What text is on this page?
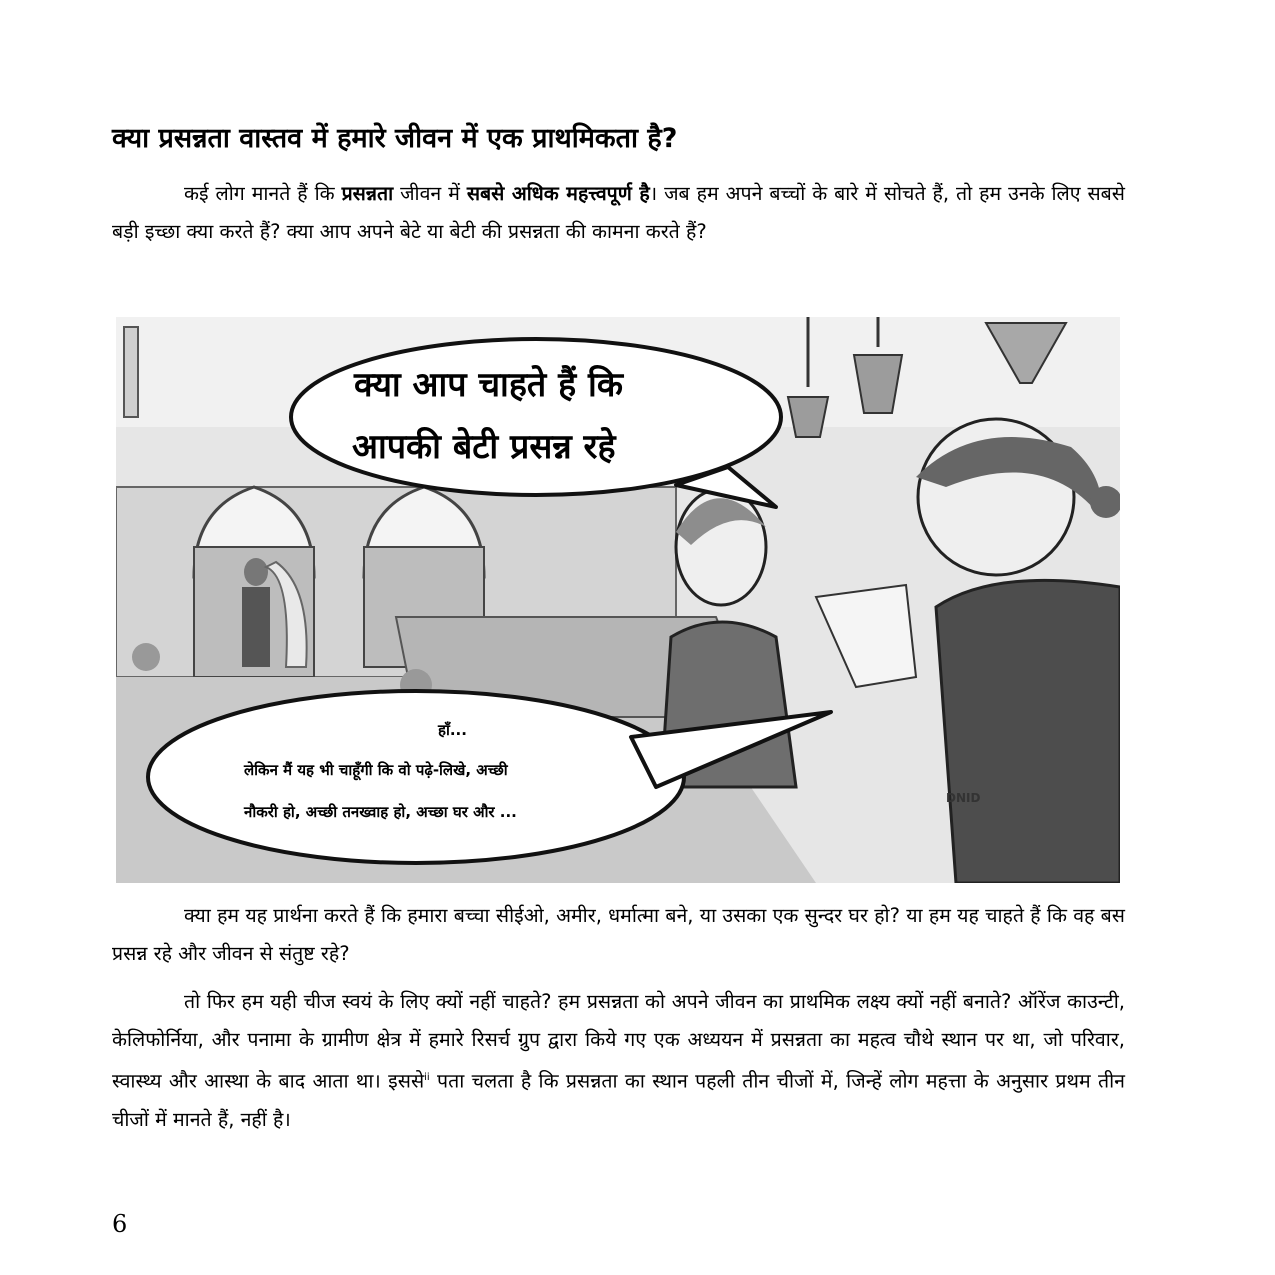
क्या प्रसन्नता वास्तव में हमारे जीवन में एक प्राथमिकता है?

कई लोग मानते हैं कि प्रसन्नता जीवन में सबसे अधिक महत्त्वपूर्ण है। जब हम अपने बच्चों के बारे में सोचते हैं, तो हम उनके लिए सबसे बड़ी इच्छा क्या करते हैं? क्या आप अपने बेटे या बेटी की प्रसन्नता की कामना करते हैं?

DNID

क्या आप चाहते हैं कि

आपकी बेटी प्रसन्न रहे

हाँ...

लेकिन मैं यह भी चाहूँगी कि वो पढ़े-लिखे, अच्छी

नौकरी हो, अच्छी तनख्वाह हो, अच्छा घर और ...

क्या हम यह प्रार्थना करते हैं कि हमारा बच्चा सीईओ, अमीर, धर्मात्मा बने, या उसका एक सुन्दर घर हो? या हम यह चाहते हैं कि वह बस प्रसन्न रहे और जीवन से संतुष्ट रहे?

तो फिर हम यही चीज स्वयं के लिए क्यों नहीं चाहते? हम प्रसन्नता को अपने जीवन का प्राथमिक लक्ष्य क्यों नहीं बनाते? ऑरेंज काउन्टी, केलिफोर्निया, और पनामा के ग्रामीण क्षेत्र में हमारे रिसर्च ग्रुप द्वारा किये गए एक अध्ययन में प्रसन्नता का महत्व चौथे स्थान पर था, जो परिवार, स्वास्थ्य और आस्था के बाद आता था। इससे$^{ii}$ पता चलता है कि प्रसन्नता का स्थान पहली तीन चीजों में, जिन्हें लोग महत्ता के अनुसार प्रथम तीन चीजों में मानते हैं, नहीं है।

6
